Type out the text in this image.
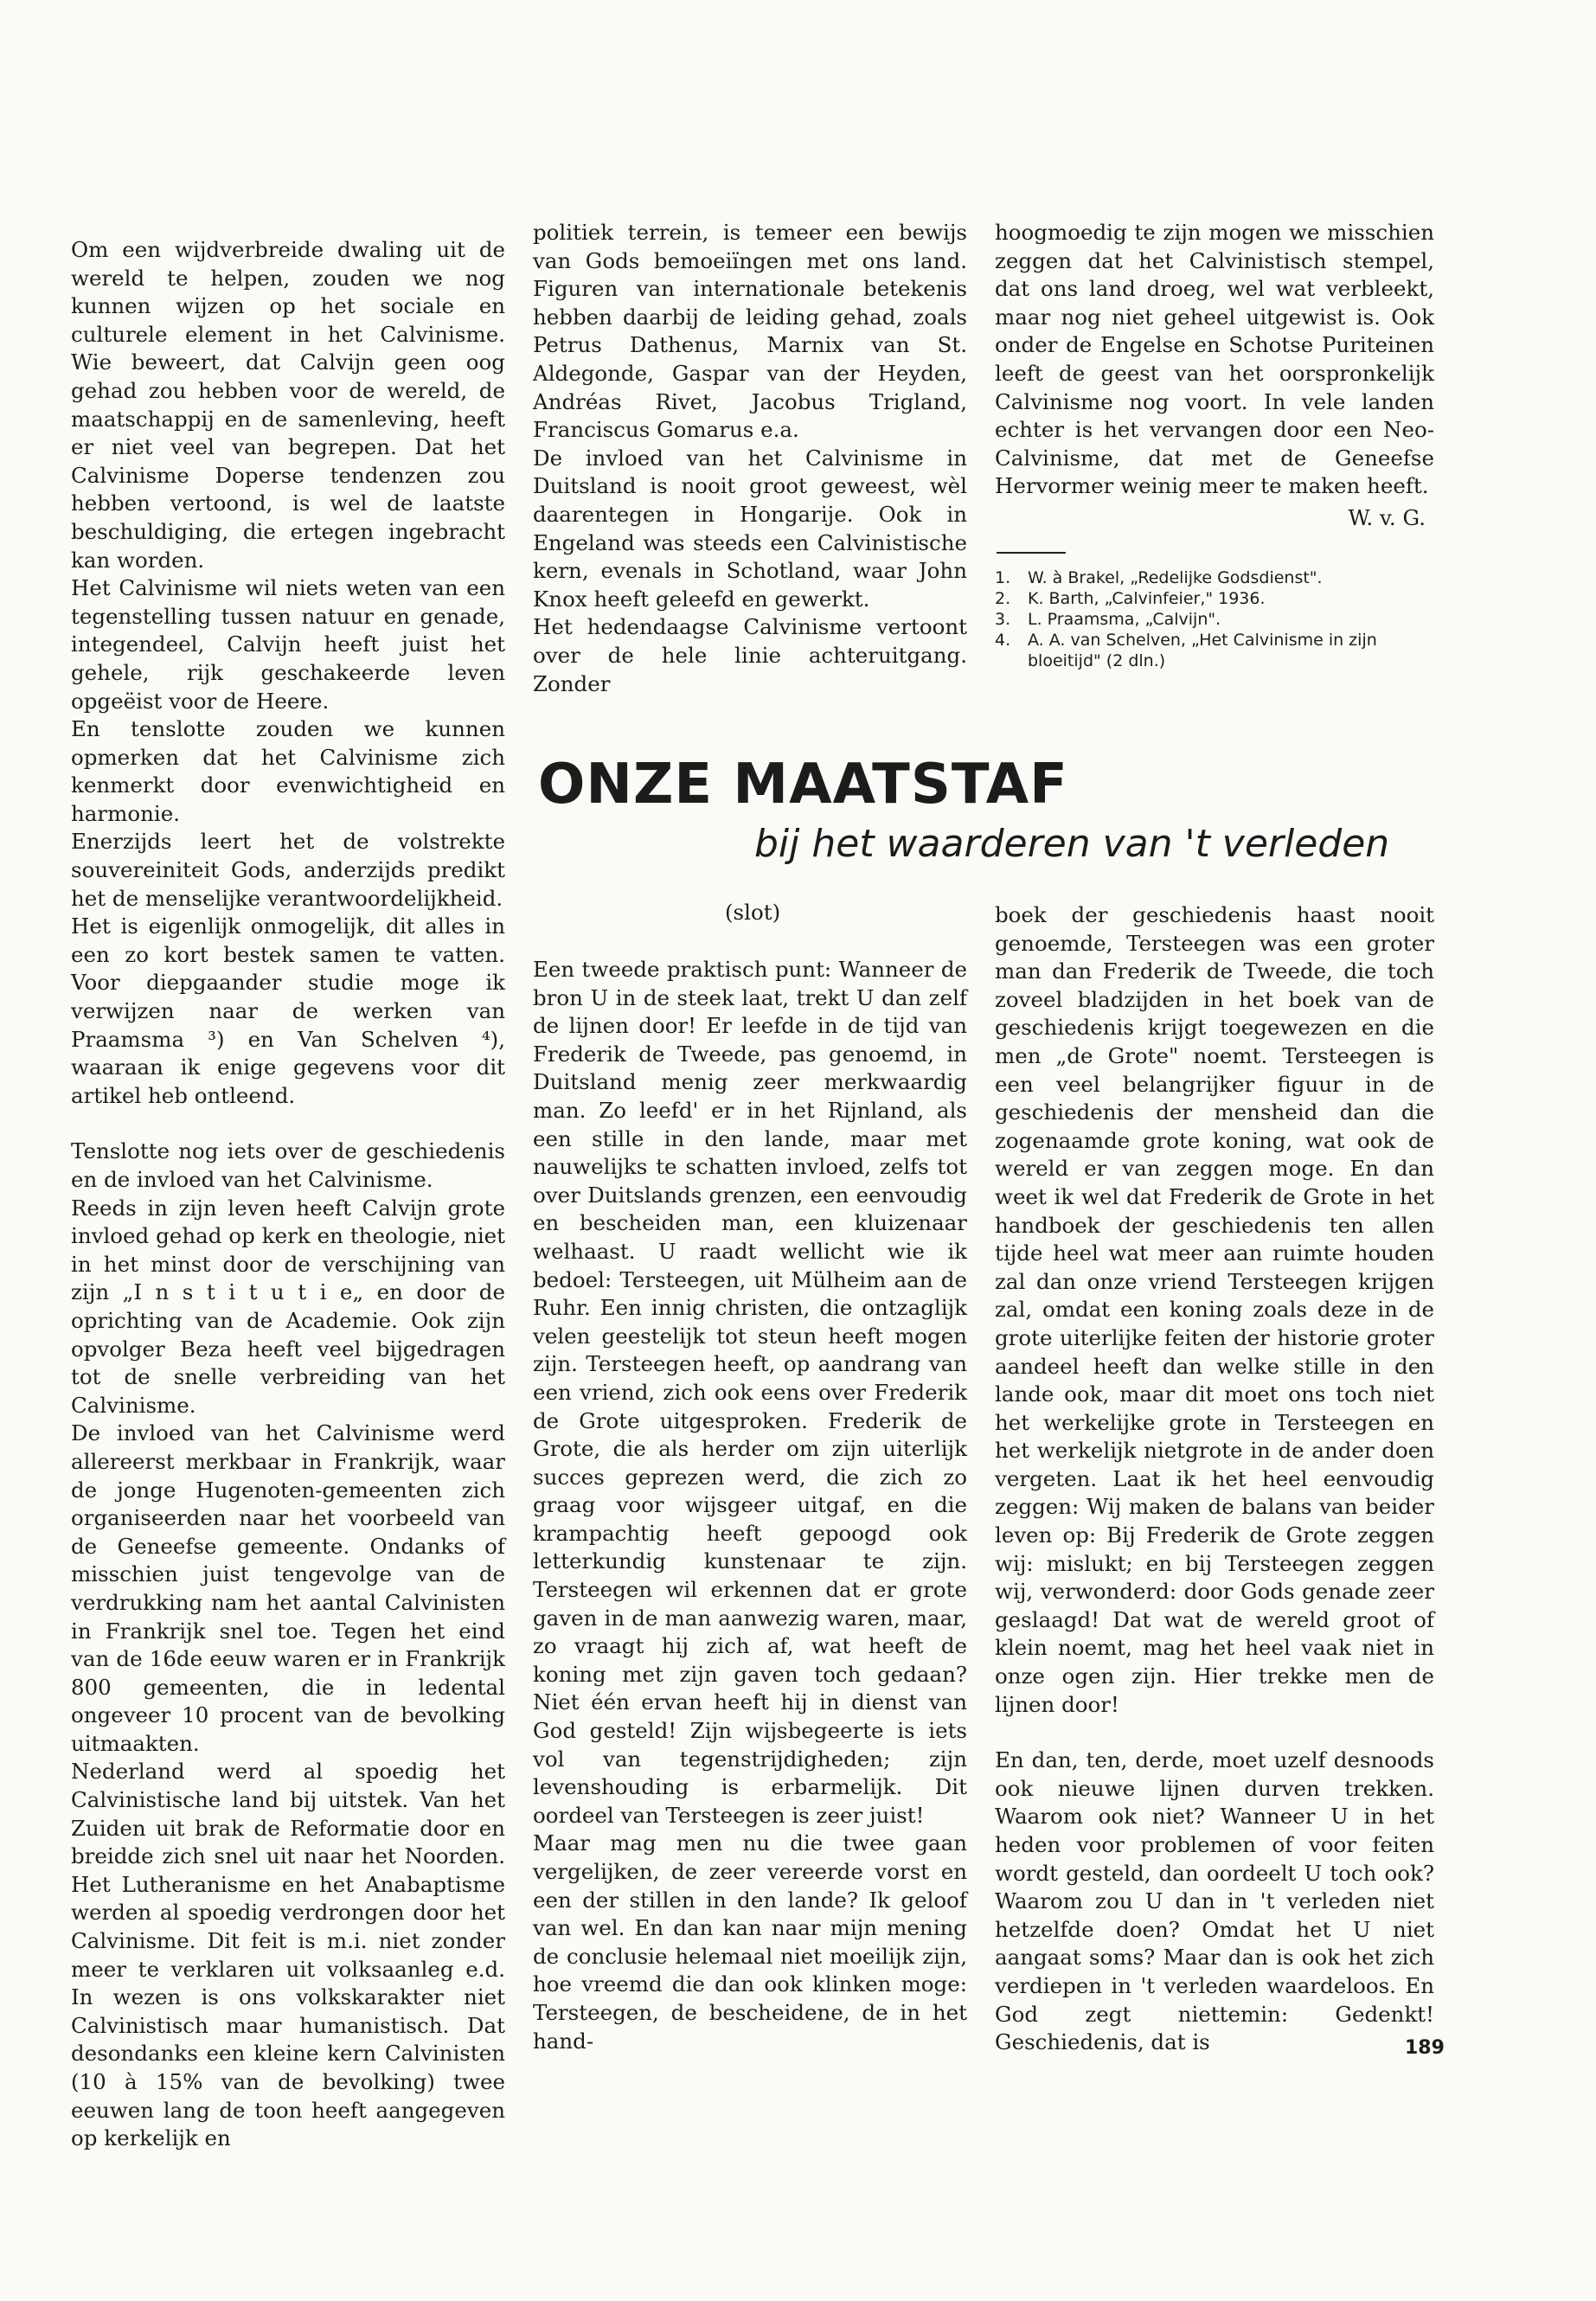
Om een wijdverbreide dwaling uit de wereld te helpen, zouden we nog kunnen wijzen op het sociale en culturele element in het Calvinisme. Wie beweert, dat Calvijn geen oog gehad zou hebben voor de wereld, de maatschappij en de samenleving, heeft er niet veel van begrepen. Dat het Calvinisme Doperse tendenzen zou hebben vertoond, is wel de laatste beschuldiging, die ertegen ingebracht kan worden.

Het Calvinisme wil niets weten van een tegenstelling tussen natuur en genade, integendeel, Calvijn heeft juist het gehele, rijk geschakeerde leven opgeëist voor de Heere.

En tenslotte zouden we kunnen opmerken dat het Calvinisme zich kenmerkt door evenwichtigheid en harmonie.

Enerzijds leert het de volstrekte souvereiniteit Gods, anderzijds predikt het de menselijke verantwoordelijkheid.

Het is eigenlijk onmogelijk, dit alles in een zo kort bestek samen te vatten. Voor diepgaander studie moge ik verwijzen naar de werken van Praamsma ³) en Van Schelven ⁴), waaraan ik enige gegevens voor dit artikel heb ontleend.

Tenslotte nog iets over de geschiedenis en de invloed van het Calvinisme.

Reeds in zijn leven heeft Calvijn grote invloed gehad op kerk en theologie, niet in het minst door de verschijning van zijn „I n s t i t u t i e„ en door de oprichting van de Academie. Ook zijn opvolger Beza heeft veel bijgedragen tot de snelle verbreiding van het Calvinisme.

De invloed van het Calvinisme werd allereerst merkbaar in Frankrijk, waar de jonge Hugenoten-gemeenten zich organiseerden naar het voorbeeld van de Geneefse gemeente. Ondanks of misschien juist tengevolge van de verdrukking nam het aantal Calvinisten in Frankrijk snel toe. Tegen het eind van de 16de eeuw waren er in Frankrijk 800 gemeenten, die in ledental ongeveer 10 procent van de bevolking uitmaakten.

Nederland werd al spoedig het Calvinistische land bij uitstek. Van het Zuiden uit brak de Reformatie door en breidde zich snel uit naar het Noorden. Het Lutheranisme en het Anabaptisme werden al spoedig verdrongen door het Calvinisme. Dit feit is m.i. niet zonder meer te verklaren uit volksaanleg e.d. In wezen is ons volkskarakter niet Calvinistisch maar humanistisch. Dat desondanks een kleine kern Calvinisten (10 à 15% van de bevolking) twee eeuwen lang de toon heeft aangegeven op kerkelijk en

politiek terrein, is temeer een bewijs van Gods bemoeiïngen met ons land. Figuren van internationale betekenis hebben daarbij de leiding gehad, zoals Petrus Dathenus, Marnix van St. Aldegonde, Gaspar van der Heyden, Andréas Rivet, Jacobus Trigland, Franciscus Gomarus e.a.

De invloed van het Calvinisme in Duitsland is nooit groot geweest, wèl daarentegen in Hongarije. Ook in Engeland was steeds een Calvinistische kern, evenals in Schotland, waar John Knox heeft geleefd en gewerkt.

Het hedendaagse Calvinisme vertoont over de hele linie achteruitgang. Zonder

hoogmoedig te zijn mogen we misschien zeggen dat het Calvinistisch stempel, dat ons land droeg, wel wat verbleekt, maar nog niet geheel uitgewist is. Ook onder de Engelse en Schotse Puriteinen leeft de geest van het oorspronkelijk Calvinisme nog voort. In vele landen echter is het vervangen door een Neo-Calvinisme, dat met de Geneefse Hervormer weinig meer te maken heeft.

W. v. G.

1.	W. à Brakel, „Redelijke Godsdienst".
2.	K. Barth, „Calvinfeier," 1936.
3.	L. Praamsma, „Calvijn".
4.	A. A. van Schelven, „Het Calvinisme in zijn bloeitijd" (2 dln.)
ONZE MAATSTAF
bij het waarderen van 't verleden
(slot)

Een tweede praktisch punt: Wanneer de bron U in de steek laat, trekt U dan zelf de lijnen door! Er leefde in de tijd van Frederik de Tweede, pas genoemd, in Duitsland menig zeer merkwaardig man. Zo leefd' er in het Rijnland, als een stille in den lande, maar met nauwelijks te schatten invloed, zelfs tot over Duitslands grenzen, een eenvoudig en bescheiden man, een kluizenaar welhaast. U raadt wellicht wie ik bedoel: Tersteegen, uit Mülheim aan de Ruhr. Een innig christen, die ontzaglijk velen geestelijk tot steun heeft mogen zijn. Tersteegen heeft, op aandrang van een vriend, zich ook eens over Frederik de Grote uitgesproken. Frederik de Grote, die als herder om zijn uiterlijk succes geprezen werd, die zich zo graag voor wijsgeer uitgaf, en die krampachtig heeft gepoogd ook letterkundig kunstenaar te zijn. Tersteegen wil erkennen dat er grote gaven in de man aanwezig waren, maar, zo vraagt hij zich af, wat heeft de koning met zijn gaven toch gedaan? Niet één ervan heeft hij in dienst van God gesteld! Zijn wijsbegeerte is iets vol van tegenstrijdigheden; zijn levenshouding is erbarmelijk. Dit oordeel van Tersteegen is zeer juist!

Maar mag men nu die twee gaan vergelijken, de zeer vereerde vorst en een der stillen in den lande? Ik geloof van wel. En dan kan naar mijn mening de conclusie helemaal niet moeilijk zijn, hoe vreemd die dan ook klinken moge: Tersteegen, de bescheidene, de in het hand-

boek der geschiedenis haast nooit genoemde, Tersteegen was een groter man dan Frederik de Tweede, die toch zoveel bladzijden in het boek van de geschiedenis krijgt toegewezen en die men „de Grote" noemt. Tersteegen is een veel belangrijker figuur in de geschiedenis der mensheid dan die zogenaamde grote koning, wat ook de wereld er van zeggen moge. En dan weet ik wel dat Frederik de Grote in het handboek der geschiedenis ten allen tijde heel wat meer aan ruimte houden zal dan onze vriend Tersteegen krijgen zal, omdat een koning zoals deze in de grote uiterlijke feiten der historie groter aandeel heeft dan welke stille in den lande ook, maar dit moet ons toch niet het werkelijke grote in Tersteegen en het werkelijk nietgrote in de ander doen vergeten. Laat ik het heel eenvoudig zeggen: Wij maken de balans van beider leven op: Bij Frederik de Grote zeggen wij: mislukt; en bij Tersteegen zeggen wij, verwonderd: door Gods genade zeer geslaagd! Dat wat de wereld groot of klein noemt, mag het heel vaak niet in onze ogen zijn. Hier trekke men de lijnen door!

En dan, ten, derde, moet uzelf desnoods ook nieuwe lijnen durven trekken. Waarom ook niet? Wanneer U in het heden voor problemen of voor feiten wordt gesteld, dan oordeelt U toch ook? Waarom zou U dan in 't verleden niet hetzelfde doen? Omdat het U niet aangaat soms? Maar dan is ook het zich verdiepen in 't verleden waardeloos. En God zegt niettemin: Gedenkt! Geschiedenis, dat is	189
